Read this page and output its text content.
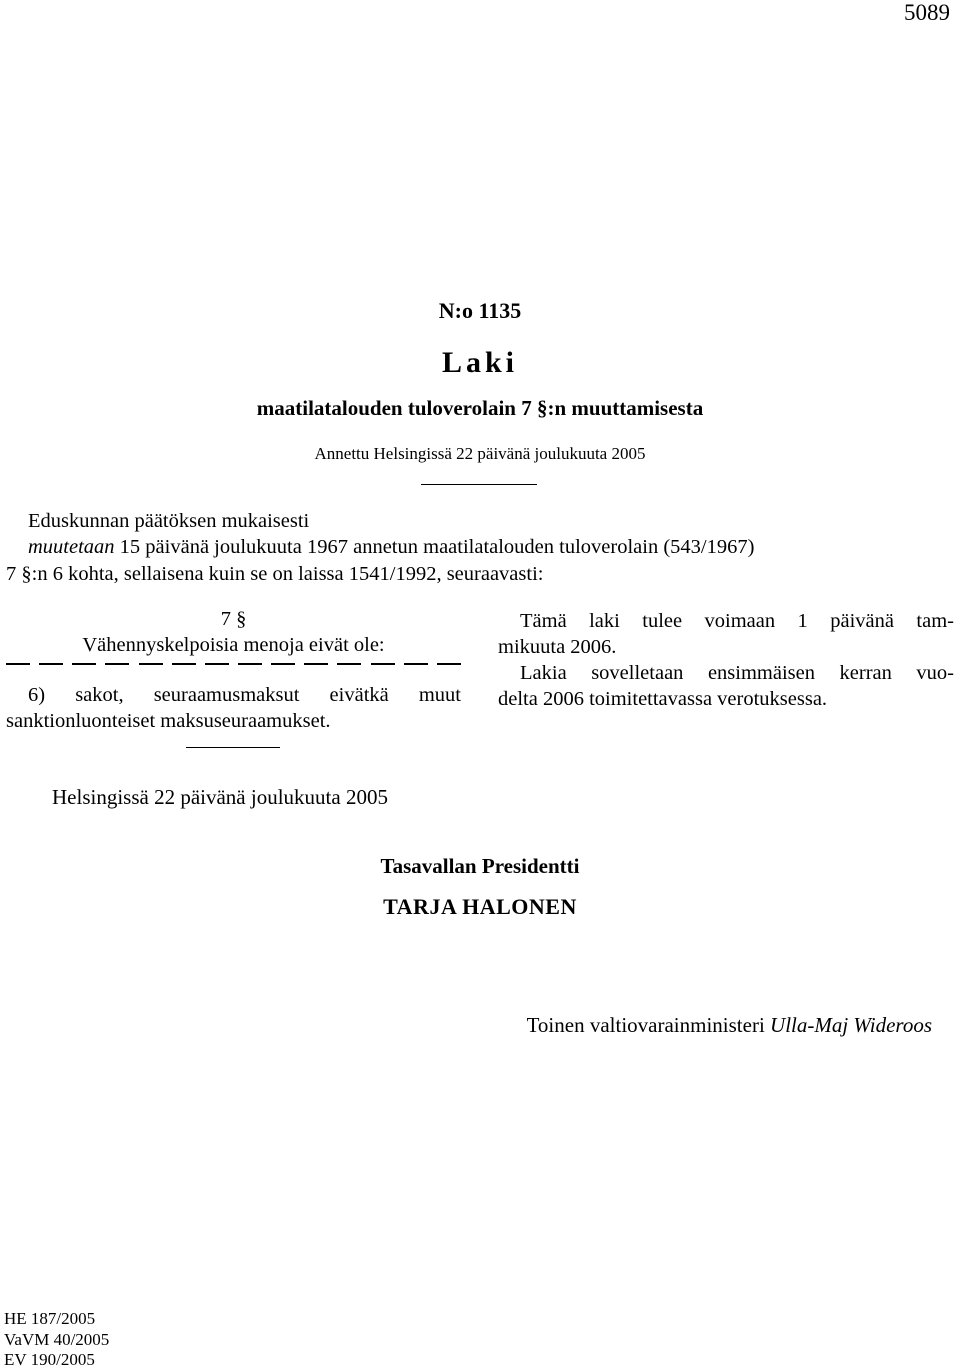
5089

N:o 1135

Laki

maatilatalouden tuloverolain 7 §:n muuttamisesta

Annettu Helsingissä 22 päivänä joulukuuta 2005

Eduskunnan päätöksen mukaisesti

muutetaan 15 päivänä joulukuuta 1967 annetun maatilatalouden tuloverolain (543/1967)

7 §:n 6 kohta, sellaisena kuin se on laissa 1541/1992, seuraavasti:

7 §

Vähennyskelpoisia menoja eivät ole:

6) sakot, seuraamusmaksut eivätkä muut

sanktionluonteiset maksuseuraamukset.

Tämä laki tulee voimaan 1 päivänä tam-

mikuuta 2006.

Lakia sovelletaan ensimmäisen kerran vuo-

delta 2006 toimitettavassa verotuksessa.

Helsingissä 22 päivänä joulukuuta 2005

Tasavallan Presidentti

TARJA HALONEN

Toinen valtiovarainministeri Ulla-Maj Wideroos

HE 187/2005

VaVM 40/2005

EV 190/2005
